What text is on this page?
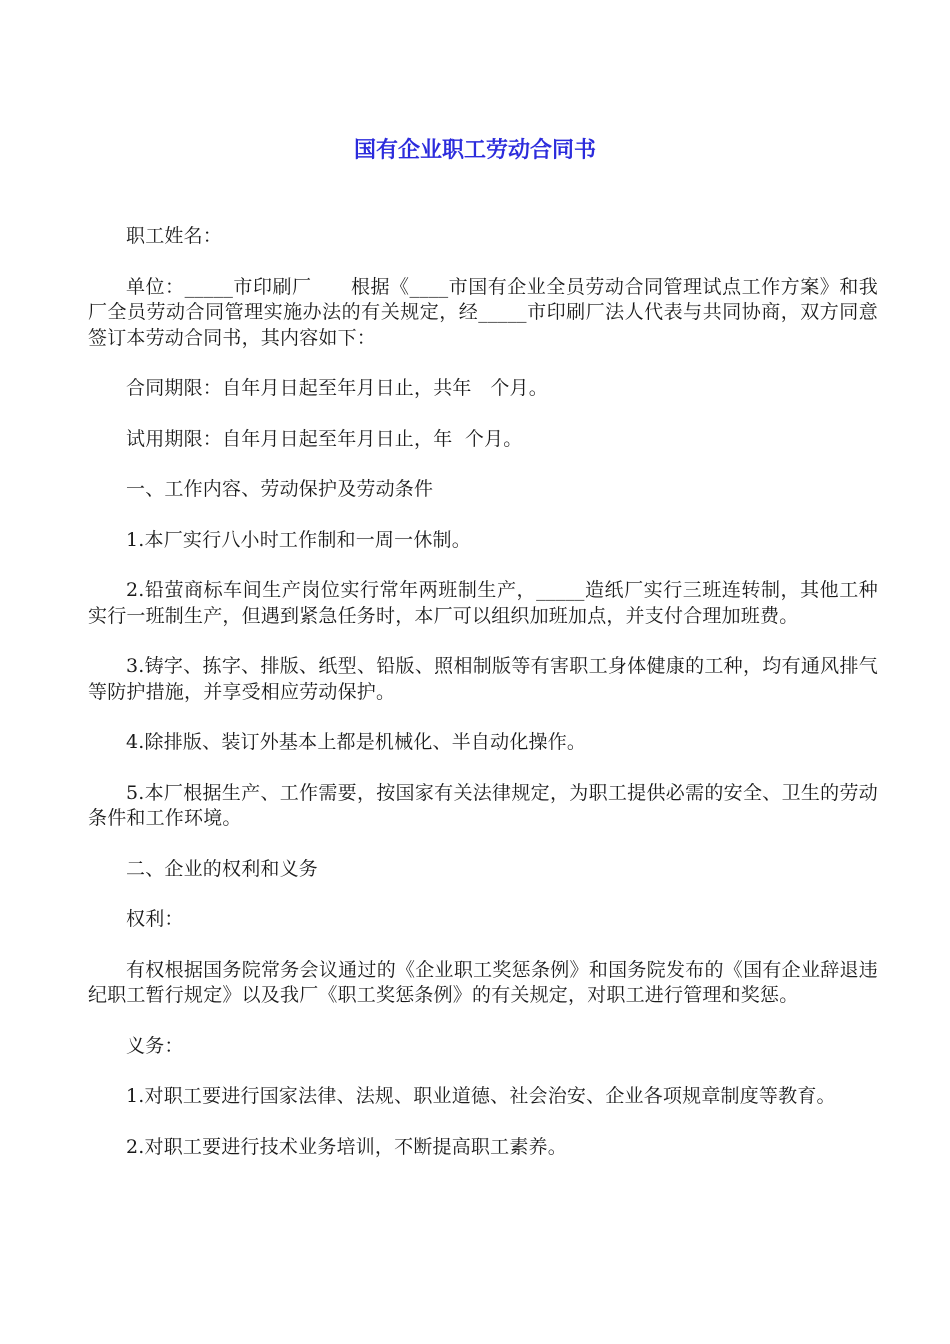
国有企业职工劳动合同书

职工姓名：

单位：_____市印刷厂      根据《____市国有企业全员劳动合同管理试点工作方案》和我厂全员劳动合同管理实施办法的有关规定，经_____市印刷厂法人代表与共同协商，双方同意签订本劳动合同书，其内容如下：

合同期限：自年月日起至年月日止，共年   个月。

试用期限：自年月日起至年月日止，年  个月。

一、工作内容、劳动保护及劳动条件

1.本厂实行八小时工作制和一周一休制。

2.铅萤商标车间生产岗位实行常年两班制生产，_____造纸厂实行三班连转制，其他工种实行一班制生产，但遇到紧急任务时，本厂可以组织加班加点，并支付合理加班费。

3.铸字、拣字、排版、纸型、铅版、照相制版等有害职工身体健康的工种，均有通风排气等防护措施，并享受相应劳动保护。

4.除排版、装订外基本上都是机械化、半自动化操作。

5.本厂根据生产、工作需要，按国家有关法律规定，为职工提供必需的安全、卫生的劳动条件和工作环境。

二、企业的权利和义务

权利：

有权根据国务院常务会议通过的《企业职工奖惩条例》和国务院发布的《国有企业辞退违纪职工暂行规定》以及我厂《职工奖惩条例》的有关规定，对职工进行管理和奖惩。

义务：

1.对职工要进行国家法律、法规、职业道德、社会治安、企业各项规章制度等教育。

2.对职工要进行技术业务培训，不断提高职工素养。
